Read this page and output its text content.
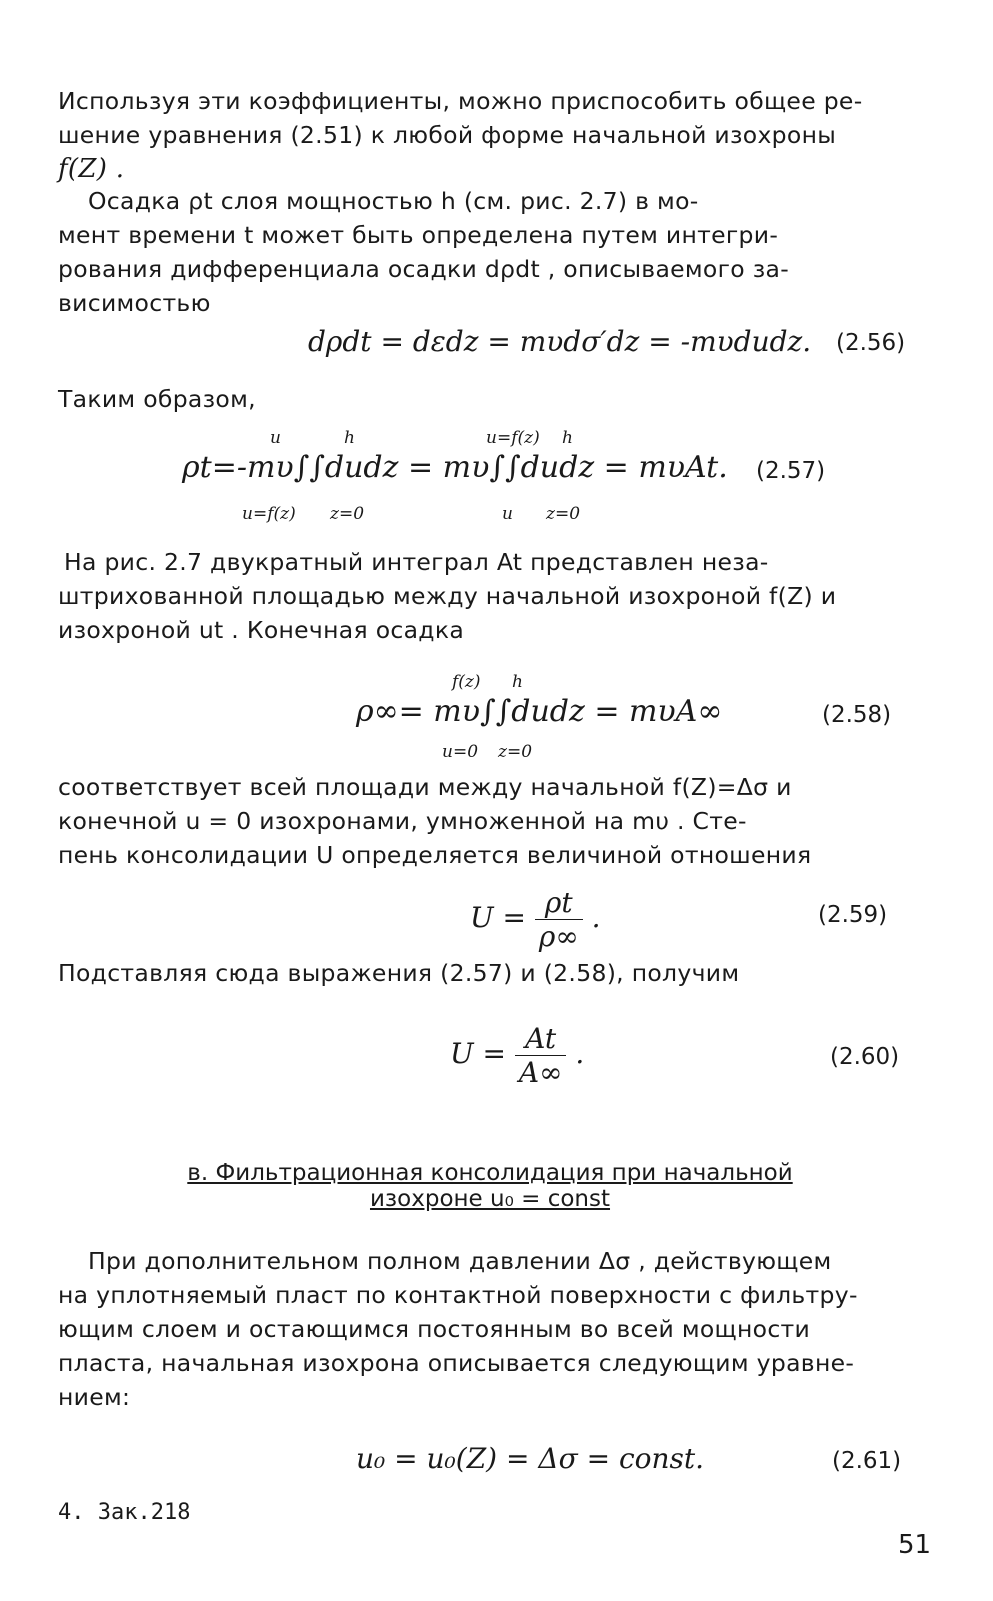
Используя эти коэффициенты, можно приспособить общее ре-
шение уравнения (2.51) к любой форме начальной изохроны
f(Z) .
Осадка ρt слоя мощностью h (см. рис. 2.7) в мо-
мент времени t может быть определена путем интегри-
рования дифференциала осадки dρdt , описываемого за-
висимостью
dρdt = dεdz = mυdσ′dz = -mυdudz. (2.56)
Таким образом,
u	h	u=f(z) h
ρt=-mυ∫∫dudz = mυ∫∫dudz = mυAt. (2.57)
u=f(z) z=0	u z=0
На рис. 2.7 двукратный интеграл At представлен неза-
штрихованной площадью между начальной изохроной f(Z) и
изохроной ut . Конечная осадка
f(z) h
ρ∞= mυ∫∫dudz = mυA∞	(2.58)
u=0 z=0
соответствует всей площади между начальной f(Z)=Δσ и
конечной u = 0 изохронами, умноженной на mυ . Сте-
пень консолидации U определяется величиной отношения
$U = \frac{\rho t}{\rho\infty}$ .	(2.59)
Подставляя сюда выражения (2.57) и (2.58), получим
$U = \frac{At}{A\infty}$ .	(2.60)
в. Фильтрационная консолидация при начальной
изохроне u₀ = const
При дополнительном полном давлении Δσ , действующем
на уплотняемый пласт по контактной поверхности с фильтру-
ющим слоем и остающимся постоянным во всей мощности
пласта, начальная изохрона описывается следующим уравне-
нием:
u₀ = u₀(Z) = Δσ = const.	(2.61)
4. Зак.218
51
